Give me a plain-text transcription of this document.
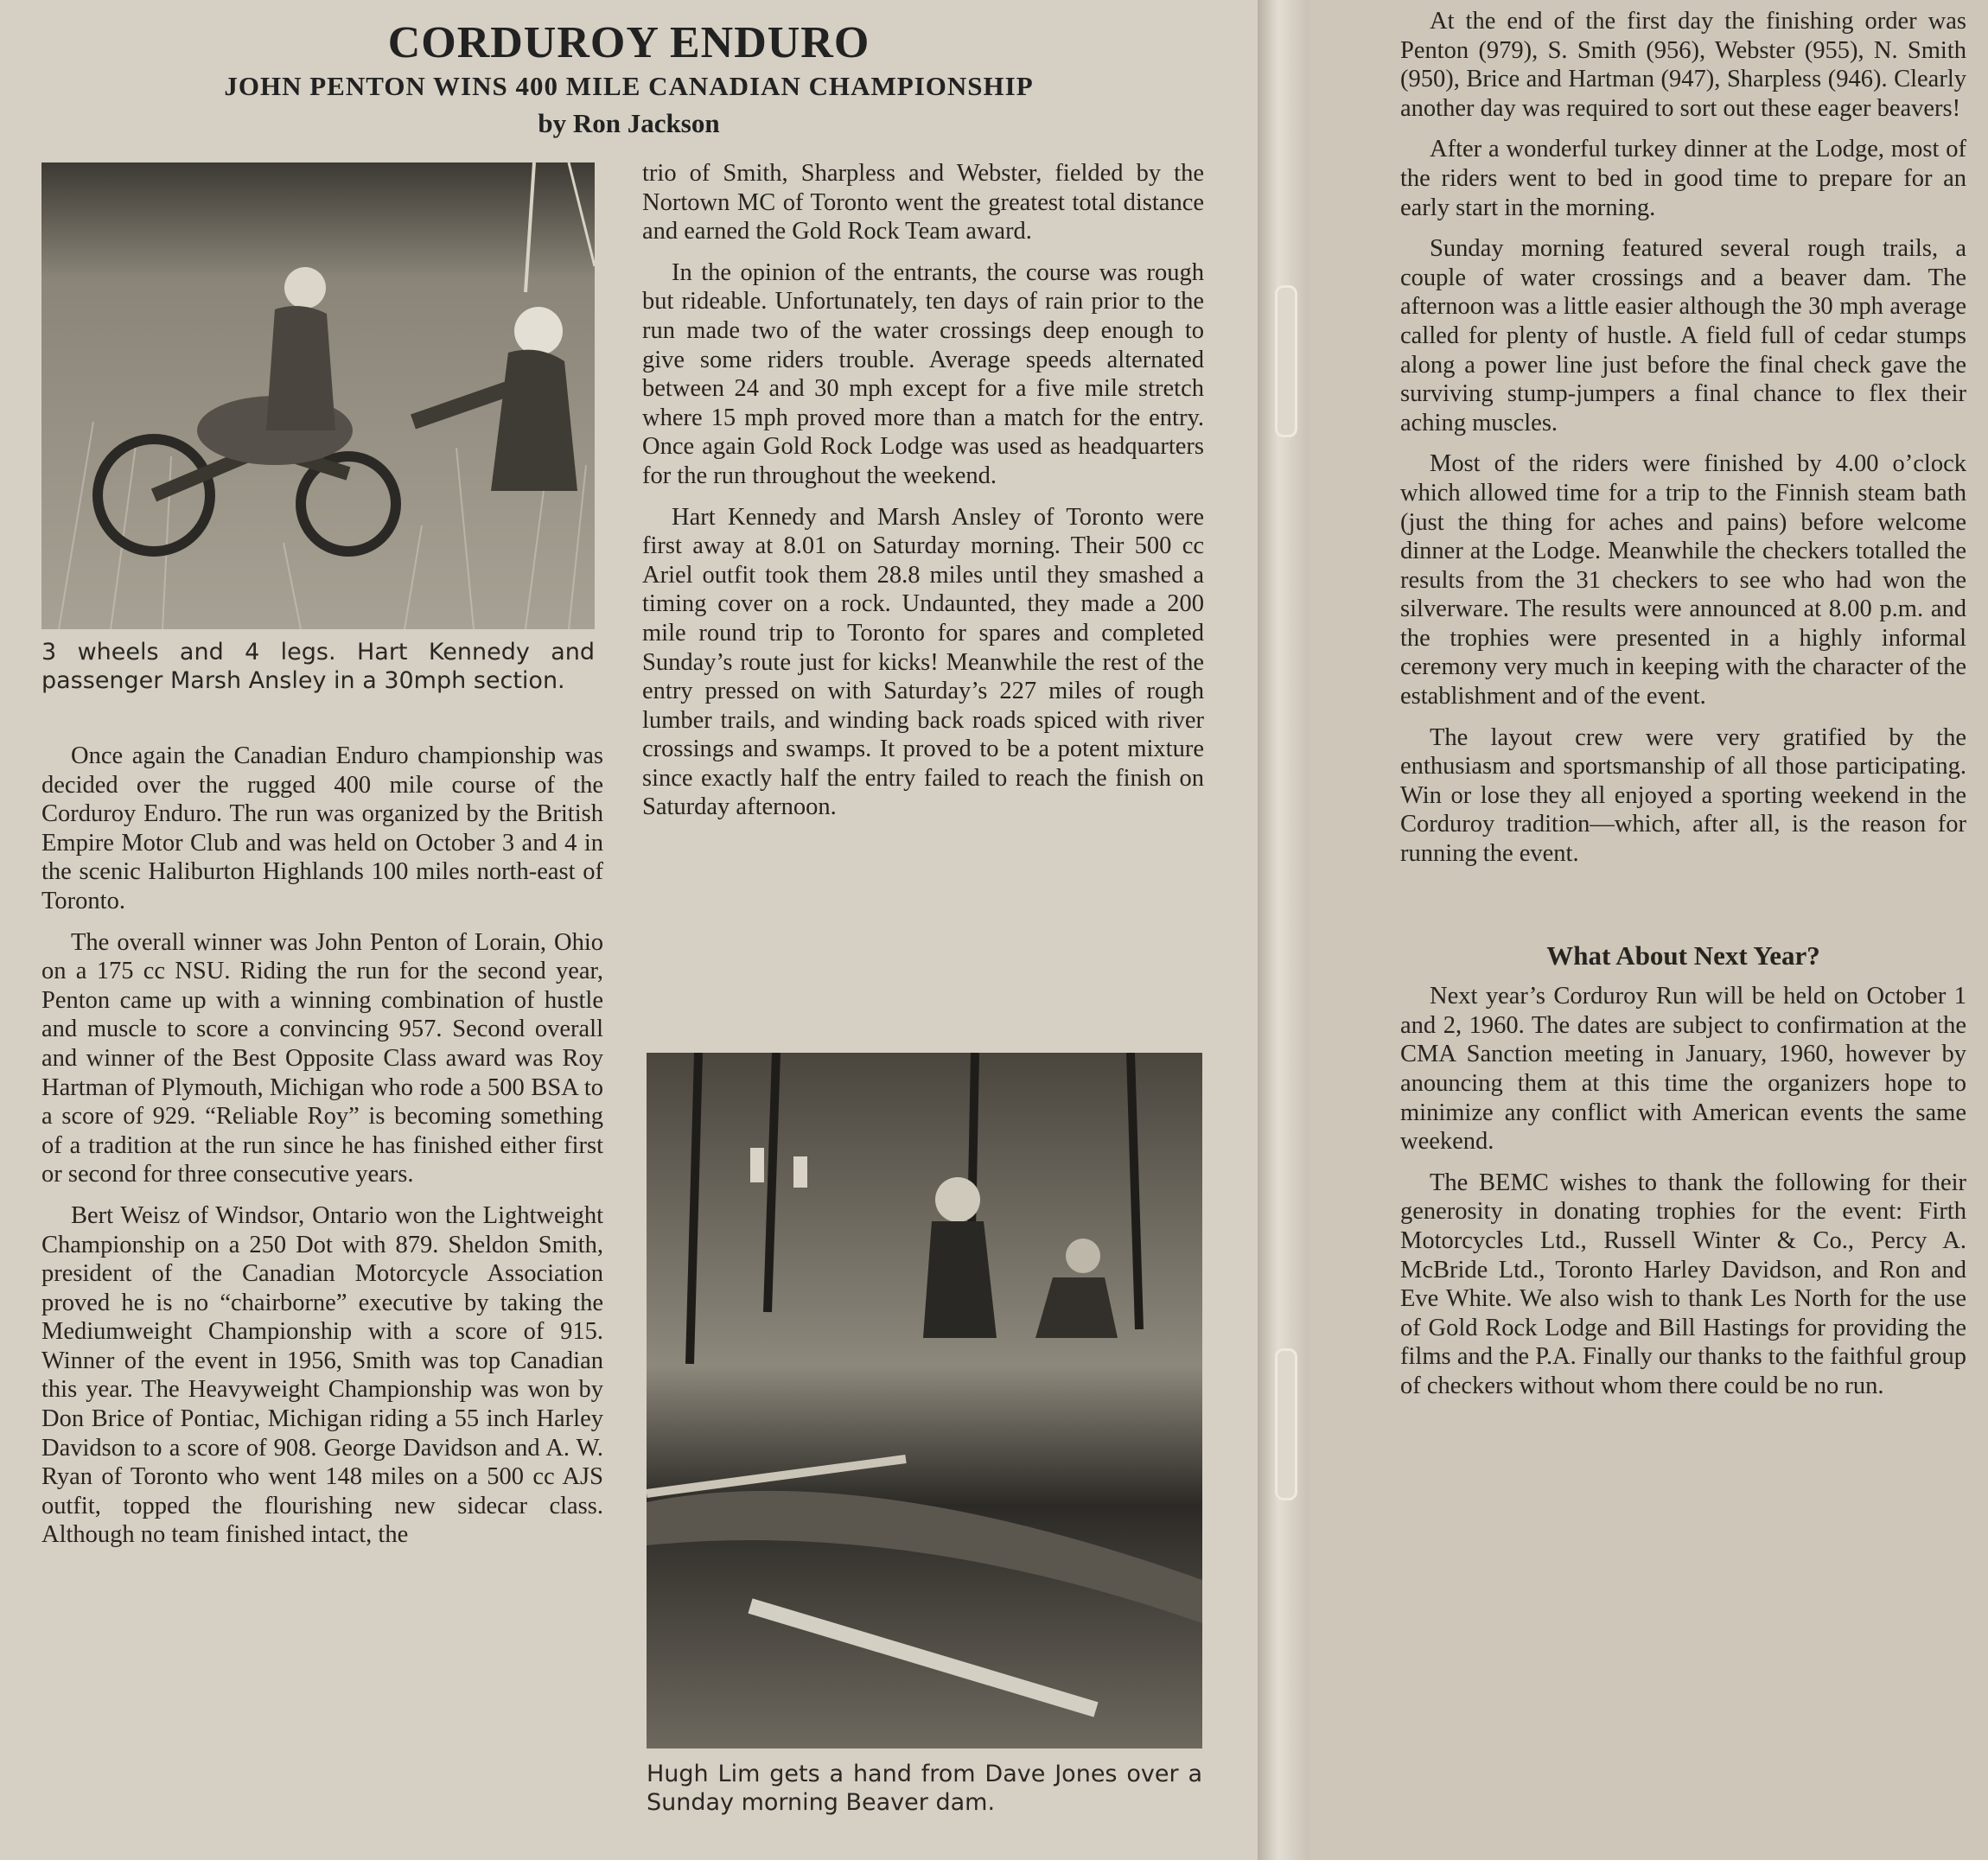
CORDUROY ENDURO
JOHN PENTON WINS 400 MILE CANADIAN CHAMPIONSHIP
by Ron Jackson
3 wheels and 4 legs. Hart Kennedy and passenger Marsh Ansley in a 30mph section.

Once again the Canadian Enduro championship was decided over the rugged 400 mile course of the Corduroy Enduro. The run was organized by the British Empire Motor Club and was held on October 3 and 4 in the scenic Haliburton Highlands 100 miles north-east of Toronto.

The overall winner was John Penton of Lorain, Ohio on a 175 cc NSU. Riding the run for the second year, Penton came up with a winning combination of hustle and muscle to score a convincing 957. Second overall and winner of the Best Opposite Class award was Roy Hartman of Plymouth, Michigan who rode a 500 BSA to a score of 929. “Reliable Roy” is becoming something of a tradition at the run since he has finished either first or second for three consecutive years.

Bert Weisz of Windsor, Ontario won the Lightweight Championship on a 250 Dot with 879. Sheldon Smith, president of the Canadian Motorcycle Association proved he is no “chairborne” executive by taking the Mediumweight Championship with a score of 915. Winner of the event in 1956, Smith was top Canadian this year. The Heavyweight Championship was won by Don Brice of Pontiac, Michigan riding a 55 inch Harley Davidson to a score of 908. George Davidson and A. W. Ryan of Toronto who went 148 miles on a 500 cc AJS outfit, topped the flourishing new sidecar class. Although no team finished intact, the

trio of Smith, Sharpless and Webster, fielded by the Nortown MC of Toronto went the greatest total distance and earned the Gold Rock Team award.

In the opinion of the entrants, the course was rough but rideable. Unfortunately, ten days of rain prior to the run made two of the water crossings deep enough to give some riders trouble. Average speeds alternated between 24 and 30 mph except for a five mile stretch where 15 mph proved more than a match for the entry. Once again Gold Rock Lodge was used as headquarters for the run throughout the weekend.

Hart Kennedy and Marsh Ansley of Toronto were first away at 8.01 on Saturday morning. Their 500 cc Ariel outfit took them 28.8 miles until they smashed a timing cover on a rock. Undaunted, they made a 200 mile round trip to Toronto for spares and completed Sunday’s route just for kicks! Meanwhile the rest of the entry pressed on with Saturday’s 227 miles of rough lumber trails, and winding back roads spiced with river crossings and swamps. It proved to be a potent mixture since exactly half the entry failed to reach the finish on Saturday afternoon.

Hugh Lim gets a hand from Dave Jones over a Sunday morning Beaver dam.

At the end of the first day the finishing order was Penton (979), S. Smith (956), Webster (955), N. Smith (950), Brice and Hartman (947), Sharpless (946). Clearly another day was required to sort out these eager beavers!

After a wonderful turkey dinner at the Lodge, most of the riders went to bed in good time to prepare for an early start in the morning.

Sunday morning featured several rough trails, a couple of water crossings and a beaver dam. The afternoon was a little easier although the 30 mph average called for plenty of hustle. A field full of cedar stumps along a power line just before the final check gave the surviving stump-jumpers a final chance to flex their aching muscles.

Most of the riders were finished by 4.00 o’clock which allowed time for a trip to the Finnish steam bath (just the thing for aches and pains) before welcome dinner at the Lodge. Meanwhile the checkers totalled the results from the 31 checkers to see who had won the silverware. The results were announced at 8.00 p.m. and the trophies were presented in a highly informal ceremony very much in keeping with the character of the establishment and of the event.

The layout crew were very gratified by the enthusiasm and sportsmanship of all those participating. Win or lose they all enjoyed a sporting weekend in the Corduroy tradition—which, after all, is the reason for running the event.

What About Next Year?

Next year’s Corduroy Run will be held on October 1 and 2, 1960. The dates are subject to confirmation at the CMA Sanction meeting in January, 1960, however by anouncing them at this time the organizers hope to minimize any conflict with American events the same weekend.

The BEMC wishes to thank the following for their generosity in donating trophies for the event: Firth Motorcycles Ltd., Russell Winter & Co., Percy A. McBride Ltd., Toronto Harley Davidson, and Ron and Eve White. We also wish to thank Les North for the use of Gold Rock Lodge and Bill Hastings for providing the films and the P.A. Finally our thanks to the faithful group of checkers without whom there could be no run.
